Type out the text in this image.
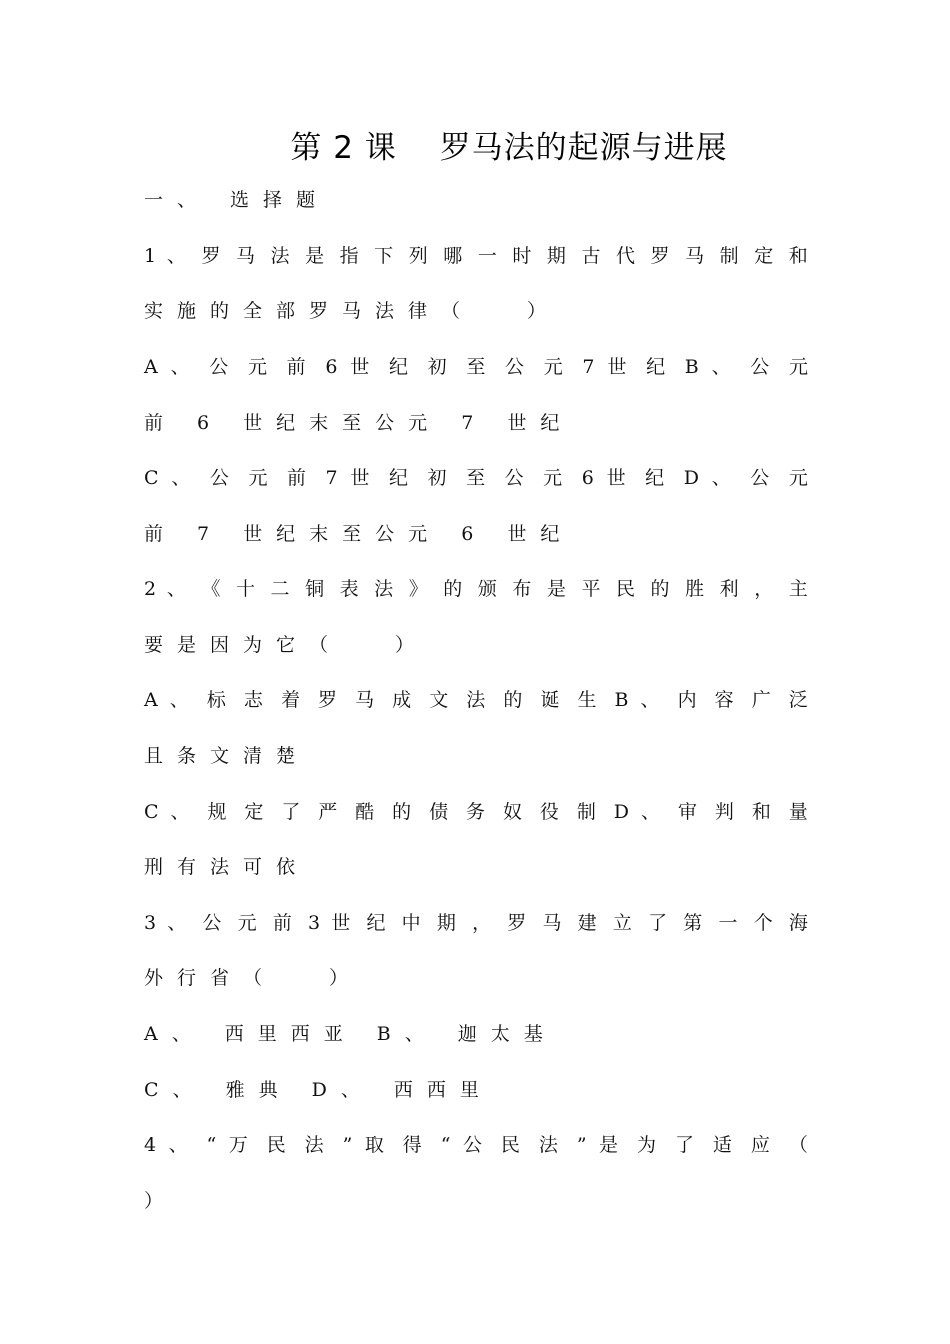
第 2 课　 罗马法的起源与进展
一、 选择题
1 、 罗 马 法 是 指 下 列 哪 一 时 期 古 代 罗 马 制 定 和
实施的全部罗马法律（　 ）
A 、 公 元 前 6 世 纪 初 至 公 元 7 世 纪 B 、 公 元
前 6 世纪末至公元 7 世纪
C 、 公 元 前 7 世 纪 初 至 公 元 6 世 纪 D 、 公 元
前 7 世纪末至公元 6 世纪
2 、 《 十 二 铜 表 法 》 的 颁 布 是 平 民 的 胜 利 ， 主
要是因为它（　 ）
A 、 标 志 着 罗 马 成 文 法 的 诞 生 B 、 内 容 广 泛
且条文清楚
C 、 规 定 了 严 酷 的 债 务 奴 役 制 D 、 审 判 和 量
刑有法可依
3 、 公 元 前 3 世 纪 中 期 ， 罗 马 建 立 了 第 一 个 海
外行省（　 ）
A、 西里西亚 B、 迦太基
C、 雅典 D、 西西里
4 、 “ 万 民 法 ” 取 得 “ 公 民 法 ” 是 为 了 适 应 （
）
